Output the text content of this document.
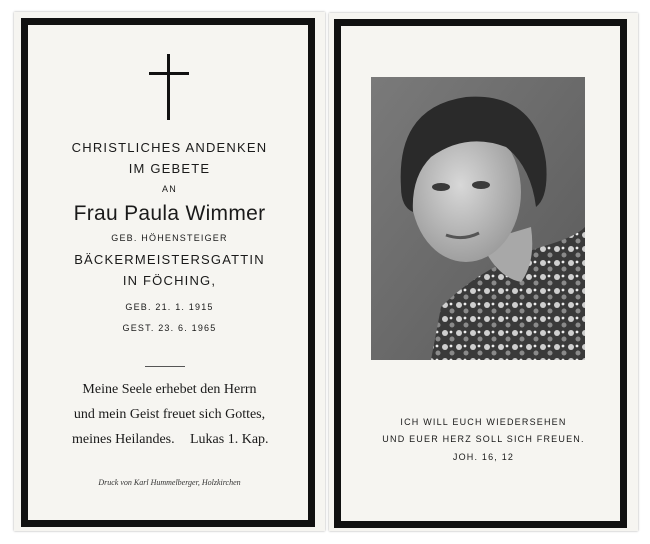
CHRISTLICHES ANDENKEN
IM GEBETE
AN
Frau Paula Wimmer
GEB. HÖHENSTEIGER
BÄCKERMEISTERSGATTIN
IN FÖCHING,
GEB. 21. 1. 1915
GEST. 23. 6. 1965
Meine Seele erhebet den Herrn
und mein Geist freuet sich Gottes,
meines Heilandes. Lukas 1. Kap.
Druck von Karl Hummelberger, Holzkirchen
ICH WILL EUCH WIEDERSEHEN
UND EUER HERZ SOLL SICH FREUEN.
JOH. 16, 12
